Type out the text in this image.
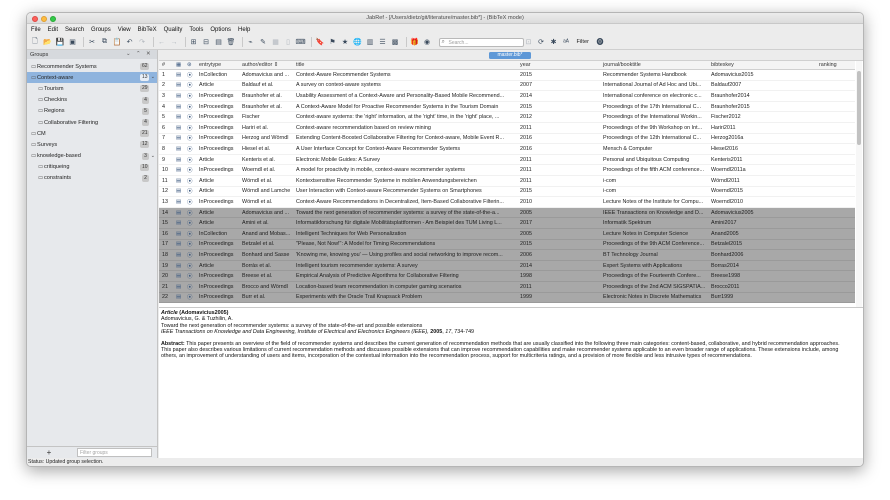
JabRef - [/Users/dietz/git/literature/master.bib*] - (BibTeX mode)
File Edit Search Groups View BibTeX Quality Tools Options Help
🗋 📂 💾 ▣ ✂	⧉ 📋 ↶ ↷ ← → ⊞ ⊟ ▤ 🗑	⌁	✎ ▦	▯ ⌨ 🔖 ⚑ ★ 🌐 ▥ ☰ ▩ 🎁 ◉	⌕ Search...	⊡ ⟳ ✱ ᵃᴬ	Filter ⓿
Groups	⌄ ⌃ ✕
▭ Recommender Systems	62
▭ Context-aware	13 ⌄
▭ Tourism	29
▭ Checkins	4
▭ Regions	5
▭ Collaborative Filtering	4
▭ CM	21
▭ Surveys	12
▭ knowledge-based	3 ⌄
▭ critiqueing	10
▭ constraints	2
+	Filter groups
master.bib*
#	▦	⊛	entrytype	author/editor ⇕	title	year	journal/booktitle	bibtexkey	ranking
1	▤	⦿	InCollection	Adomavicius and ...	Context-Aware Recommender Systems	2015	Recommender Systems Handbook	Adomavicius2015
2	▤	⦿	Article	Baldauf et al.	A survey on context-aware systems	2007	International Journal of Ad Hoc and Ubi...	Baldauf2007
3	▤	⦿	InProceedings	Braunhofer et al.	Usability Assessment of a Context-Aware and Personality-Based Mobile Recommend...	2014	International conference on electronic c...	Braunhofer2014
4	▤	⦿	InProceedings	Braunhofer et al.	A Context-Aware Model for Proactive Recommender Systems in the Tourism Domain	2015	Proceedings of the 17th International C...	Braunhofer2015
5	▤	⦿	InProceedings	Fischer	Context-aware systems: the 'right' information, at the 'right' time, in the 'right' place, ...	2012	Proceedings of the International Workin...	Fischer2012
6	▤	⦿	InProceedings	Hariri et al.	Context-aware recommendation based on review mining	2011	Proceedings of the 9th Workshop on Int...	Hariri2011
7	▤	⦿	InProceedings	Herzog and Wörndl	Extending Content-Boosted Collaborative Filtering for Context-aware, Mobile Event R...	2016	Proceedings of the 12th International C...	Herzog2016a
8	▤	⦿	InProceedings	Hiesel et al.	A User Interface Concept for Context-Aware Recommender Systems	2016	Mensch & Computer	Hiesel2016
9	▤	⦿	Article	Kenteris et al.	Electronic Mobile Guides: A Survey	2011	Personal and Ubiquitous Computing	Kenteris2011
10	▤	⦿	InProceedings	Woerndl et al.	A model for proactivity in mobile, context-aware recommender systems	2011	Proceedings of the fifth ACM conference...	Woerndl2011a
11	▤	⦿	Article	Wörndl et al.	Kontextsensitive Recommender Systeme in mobilen Anwendungsbereichen	2011	i-com	Wörndl2011
12	▤	⦿	Article	Wörndl and Lamche	User Interaction with Context-aware Recommender Systems on Smartphones	2015	i-com	Woerndl2015
13	▤	⦿	InProceedings	Wörndl et al.	Context-Aware Recommendations in Decentralized, Item-Based Collaborative Filterin...	2010	Lecture Notes of the Institute for Compu...	Woerndl2010
14	▤	⦿	Article	Adomavicius and ...	Toward the next generation of recommender systems: a survey of the state-of-the-a...	2005	IEEE Transactions on Knowledge and D...	Adomavicius2005
15	▤	⦿	Article	Amini et al.	Informatikforschung für digitale Mobilitätsplattformen - Am Beispiel des TUM Living L...	2017	Informatik Spektrum	Amini2017
16	▤	⦿	InCollection	Anand and Mobas...	Intelligent Techniques for Web Personalization	2005	Lecture Notes in Computer Science	Anand2005
17	▤	⦿	InProceedings	Betzalel et al.	"Please, Not Now!": A Model for Timing Recommendations	2015	Proceedings of the 9th ACM Conference...	Betzalel2015
18	▤	⦿	InProceedings	Bonhard and Sasse	'Knowing me, knowing you' — Using profiles and social networking to improve recom...	2006	BT Technology Journal	Bonhard2006
19	▤	⦿	Article	Borràs et al.	Intelligent tourism recommender systems: A survey	2014	Expert Systems with Applications	Borras2014
20	▤	⦿	InProceedings	Breese et al.	Empirical Analysis of Predictive Algorithms for Collaborative Filtering	1998	Proceedings of the Fourteenth Confere...	Breese1998
21	▤	⦿	InProceedings	Brocco and Wörndl	Location-based team recommendation in computer gaming scenarios	2011	Proceedings of the 2nd ACM SIGSPATIA...	Brocco2011
22	▤	⦿	InProceedings	Burr et al.	Experiments with the Oracle Trail Knapsack Problem	1999	Electronic Notes in Discrete Mathematics	Burr1999
Article (Adomavicius2005)
Adomavicius, G. & Tuzhilin, A.
Toward the next generation of recommender systems: a survey of the state-of-the-art and possible extensions
IEEE Transactions on Knowledge and Data Engineering, Institute of Electrical and Electronics Engineers (IEEE), 2005, 17, 734-749
Abstract: This paper presents an overview of the field of recommender systems and describes the current generation of recommendation methods that are usually classified into the following three main categories: content-based, collaborative, and hybrid recommendation approaches. This paper also describes various limitations of current recommendation methods and discusses possible extensions that can improve recommendation capabilities and make recommender systems applicable to an even broader range of applications. These extensions include, among others, an improvement of understanding of users and items, incorporation of the contextual information into the recommendation process, support for multicriteria ratings, and a provision of more flexible and less intrusive types of recommendations.
Status: Updated group selection.
